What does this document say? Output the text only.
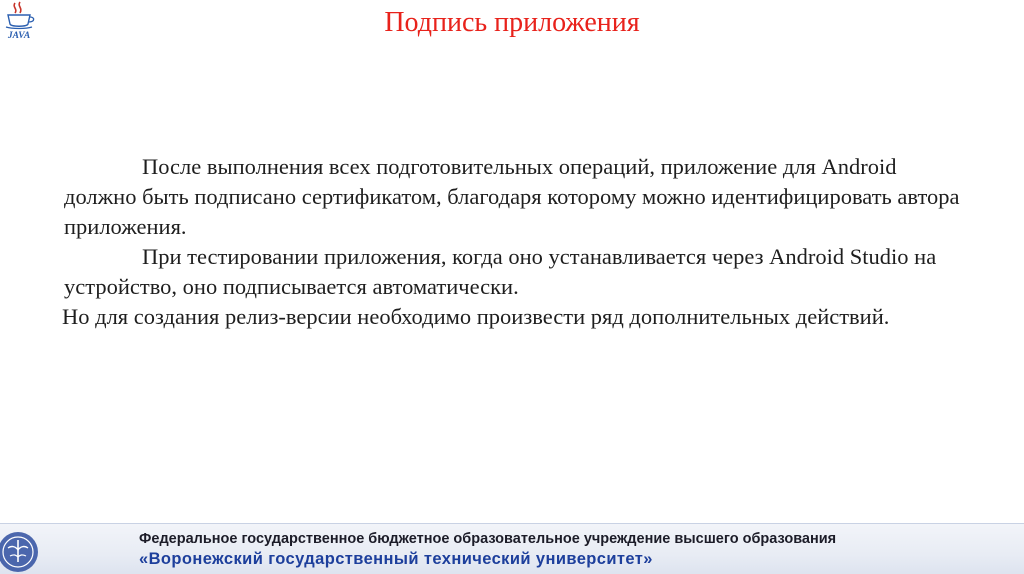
JAVA	Подпись приложения

После выполнения всех подготовительных операций, приложение для Android должно быть подписано сертификатом, благодаря которому можно идентифицировать автора приложения.

При тестировании приложения, когда оно устанавливается через Android Studio на устройство, оно подписывается автоматически.

Но для создания релиз-версии необходимо произвести ряд дополнительных действий.

Федеральное государственное бюджетное образовательное учреждение высшего образования
«Воронежский государственный технический университет»
